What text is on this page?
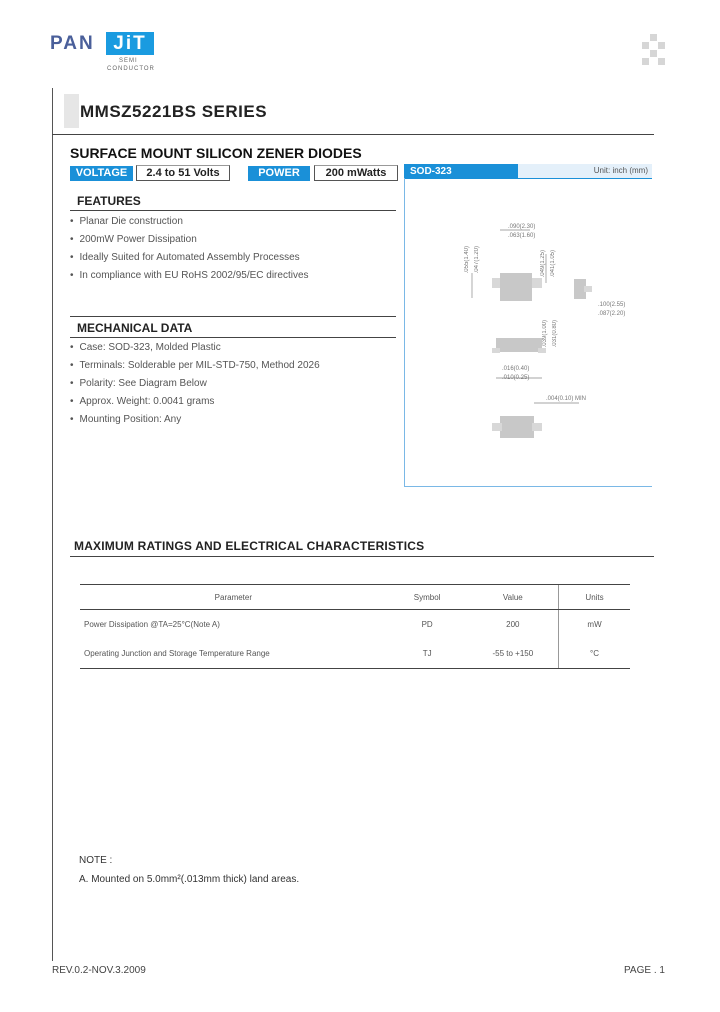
PAN JiT
SEMI
CONDUCTOR
MMSZ5221BS SERIES
SURFACE MOUNT SILICON ZENER DIODES
VOLTAGE	2.4 to 51 Volts	POWER	200 mWatts
FEATURES
• Planar Die construction
• 200mW Power Dissipation
• Ideally Suited for Automated Assembly Processes
• In compliance with EU RoHS 2002/95/EC directives
MECHANICAL DATA
• Case: SOD-323, Molded Plastic
• Terminals: Solderable per MIL-STD-750, Method 2026
• Polarity: See Diagram Below
• Approx. Weight: 0.0041 grams
• Mounting Position: Any
SOD-323	Unit: inch (mm)
.090(2.30)
.063(1.60)
.055(1.40) .047(1.20)	.049(1.25) .041(1.05)
.100(2.55)
.087(2.20)
.039(1.00) .031(0.80)
.016(0.40)
.010(0.25)
.004(0.10) MIN
MAXIMUM RATINGS AND ELECTRICAL CHARACTERISTICS
Parameter	Symbol	Value	Units
Power Dissipation @TA=25°C(Note A)	PD	200	mW
Operating Junction and Storage Temperature Range	TJ	-55 to +150	°C
NOTE :
A. Mounted on 5.0mm²(.013mm thick) land areas.
REV.0.2-NOV.3.2009	PAGE . 1
